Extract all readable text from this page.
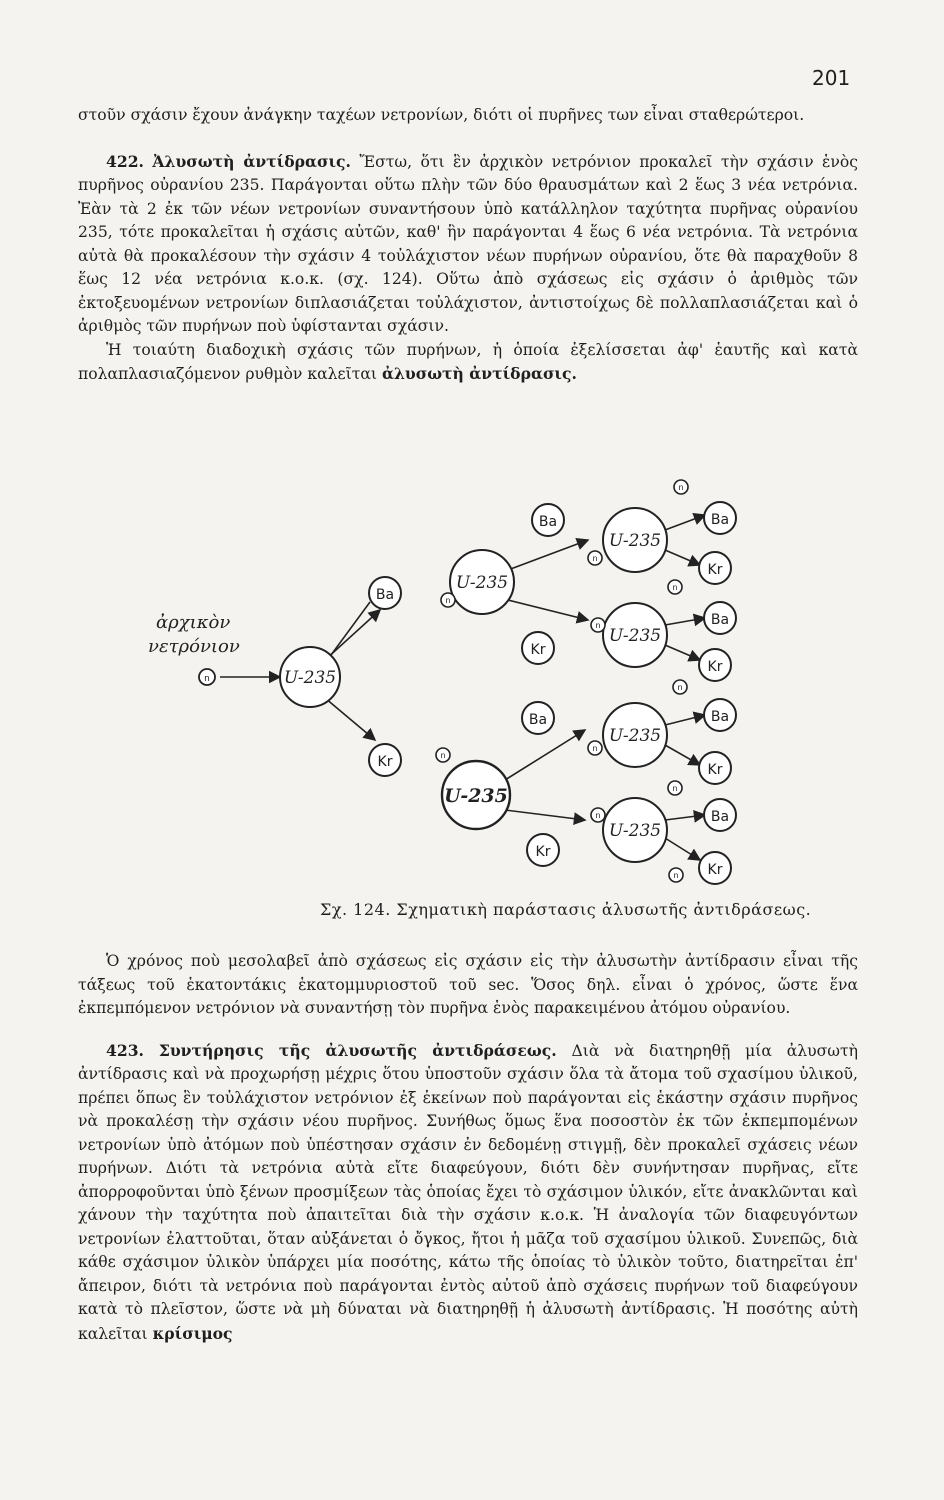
201

στοῦν σχάσιν ἔχουν ἀνάγκην ταχέων νετρονίων, διότι οἱ πυρῆνες των εἶναι σταθερώτεροι.

422. Ἀλυσωτὴ ἀντίδρασις. Ἔστω, ὅτι ἓν ἀρχικὸν νετρόνιον προκαλεῖ τὴν σχάσιν ἑνὸς πυρῆνος οὐρανίου 235. Παράγονται οὕτω πλὴν τῶν δύο θραυσμάτων καὶ 2 ἕως 3 νέα νετρόνια. Ἐὰν τὰ 2 ἐκ τῶν νέων νετρονίων συναντήσουν ὑπὸ κατάλληλον ταχύτητα πυρῆνας οὐρανίου 235, τότε προκαλεῖται ἡ σχάσις αὐτῶν, καθ' ἣν παράγονται 4 ἕως 6 νέα νετρόνια. Τὰ νετρόνια αὐτὰ θὰ προκαλέσουν τὴν σχάσιν 4 τοὐλάχιστον νέων πυρήνων οὐρανίου, ὅτε θὰ παραχθοῦν 8 ἕως 12 νέα νετρόνια κ.ο.κ. (σχ. 124). Οὕτω ἀπὸ σχάσεως εἰς σχάσιν ὁ ἀριθμὸς τῶν ἐκτοξευομένων νετρονίων διπλασιάζεται τοὐλάχιστον, ἀντιστοίχως δὲ πολλαπλασιάζεται καὶ ὁ ἀριθμὸς τῶν πυρήνων ποὺ ὑφίστανται σχάσιν.

Ἡ τοιαύτη διαδοχικὴ σχάσις τῶν πυρήνων, ἡ ὁποία ἐξελίσσεται ἀφ' ἑαυτῆς καὶ κατὰ πολαπλασιαζόμενον ρυθμὸν καλεῖται ἀλυσωτὴ ἀντίδρασις.

ἀρχικὸν
νετρόνιον
n	U-235
Ba
Kr
U-235
n
Ba
Kr
U-235
n
Ba
Kr
U-235
U-235
U-235
U-235
n
n
n
n
Ba
Kr
Ba
Kr
Ba
Kr
Ba
Kr
n
n
n
n
n
Σχ. 124. Σχηματικὴ παράστασις ἀλυσωτῆς ἀντιδράσεως.

Ὁ χρόνος ποὺ μεσολαβεῖ ἀπὸ σχάσεως εἰς σχάσιν εἰς τὴν ἀλυσωτὴν ἀντίδρασιν εἶναι τῆς τάξεως τοῦ ἑκατοντάκις ἑκατομμυριοστοῦ τοῦ sec. Ὅσος δηλ. εἶναι ὁ χρόνος, ὥστε ἕνα ἐκπεμπόμενον νετρόνιον νὰ συναντήσῃ τὸν πυρῆνα ἑνὸς παρακειμένου ἀτόμου οὐρανίου.

423. Συντήρησις τῆς ἀλυσωτῆς ἀντιδράσεως. Διὰ νὰ διατηρηθῇ μία ἀλυσωτὴ ἀντίδρασις καὶ νὰ προχωρήσῃ μέχρις ὅτου ὑποστοῦν σχάσιν ὅλα τὰ ἄτομα τοῦ σχασίμου ὑλικοῦ, πρέπει ὅπως ἓν τοὐλάχιστον νετρόνιον ἐξ ἐκείνων ποὺ παράγονται εἰς ἑκάστην σχάσιν πυρῆνος νὰ προκαλέσῃ τὴν σχάσιν νέου πυρῆνος. Συνήθως ὅμως ἕνα ποσοστὸν ἐκ τῶν ἐκπεμπομένων νετρονίων ὑπὸ ἀτόμων ποὺ ὑπέστησαν σχάσιν ἐν δεδομένῃ στιγμῇ, δὲν προκαλεῖ σχάσεις νέων πυρήνων. Διότι τὰ νετρόνια αὐτὰ εἴτε διαφεύγουν, διότι δὲν συνήντησαν πυρῆνας, εἴτε ἀπορροφοῦνται ὑπὸ ξένων προσμίξεων τὰς ὁποίας ἔχει τὸ σχάσιμον ὑλικόν, εἴτε ἀνακλῶνται καὶ χάνουν τὴν ταχύτητα ποὺ ἀπαιτεῖται διὰ τὴν σχάσιν κ.ο.κ. Ἡ ἀναλογία τῶν διαφευγόντων νετρονίων ἐλαττοῦται, ὅταν αὐξάνεται ὁ ὄγκος, ἤτοι ἡ μᾶζα τοῦ σχασίμου ὑλικοῦ. Συνεπῶς, διὰ κάθε σχάσιμον ὑλικὸν ὑπάρχει μία ποσότης, κάτω τῆς ὁποίας τὸ ὑλικὸν τοῦτο, διατηρεῖται ἐπ' ἄπειρον, διότι τὰ νετρόνια ποὺ παράγονται ἐντὸς αὐτοῦ ἀπὸ σχάσεις πυρήνων τοῦ διαφεύγουν κατὰ τὸ πλεῖστον, ὥστε νὰ μὴ δύναται νὰ διατηρηθῇ ἡ ἀλυσωτὴ ἀντίδρασις. Ἡ ποσότης αὐτὴ καλεῖται κρίσιμος
